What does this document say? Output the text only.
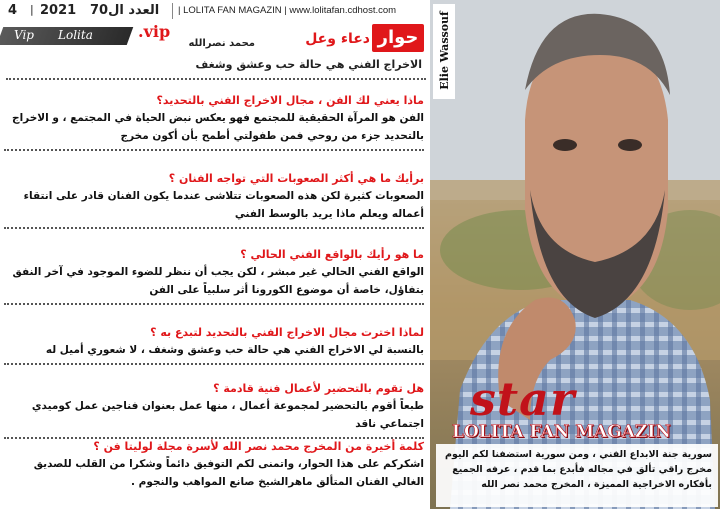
4 | 2021 العدد ال70 | LOLITA FAN MAGAZIN | www.lolitafan.cdhost.com
Vip Lolita	.vip	حوار
دعاء وعل
محمد نصرالله
الاخراج الفني هي حالة حب وعشق وشغف
ماذا يعني لك الفن ، مجال الاخراج الفني بالتحديد؟
الفن هو المرآة الحقيقية للمجتمع فهو يعكس نبض الحياة في المجتمع ، و الاخراج بالتحديد جزء من روحي فمن طفولتي أطمح بأن أكون مخرج
برأيك ما هي أكثر الصعوبات التي تواجه الفنان ؟
الصعوبات كثيرة لكن هذه الصعوبات تتلاشى عندما يكون الفنان قادر على انتقاء أعماله ويعلم ماذا يريد بالوسط الفني
ما هو رأيك بالواقع الفني الحالي ؟
الواقع الفني الحالي غير مبشر ، لكن يجب أن ننظر للضوء الموجود في آخر النفق بتفاؤل، خاصة أن موضوع الكورونا أثر سلبياً على الفن
لماذا اخترت مجال الاخراج الفني بالتحديد لتبدع به ؟
بالنسبة لي الاخراج الفني هي حالة حب وعشق وشغف ، لا شعوري أميل له
هل تقوم بالتحضير لأعمال فنية قادمة ؟
طبعاً أقوم بالتحضير لمجموعة أعمال ، منها عمل بعنوان فناجين عمل كوميدي اجتماعي ناقد
كلمة أخيرة من المخرج محمد نصر الله لأسرة مجلة لوليتا فن ؟
اشكركم على هذا الحوار، واتمنى لكم التوفيق دائماً وشكرا من القلب للصديق الغالي الفنان المتألق ماهرالشيخ صانع المواهب والنجوم .
Elie Wassouf
star
LOLITA FAN MAGAZIN

سورية جنة الابداع الفني ، ومن سورية استضفنا لكم اليوم مخرج راقي تألق في مجاله فأبدع بما قدم ، عرفه الجميع بأفكاره الاخراجية المميزة ، المخرج محمد نصر الله
